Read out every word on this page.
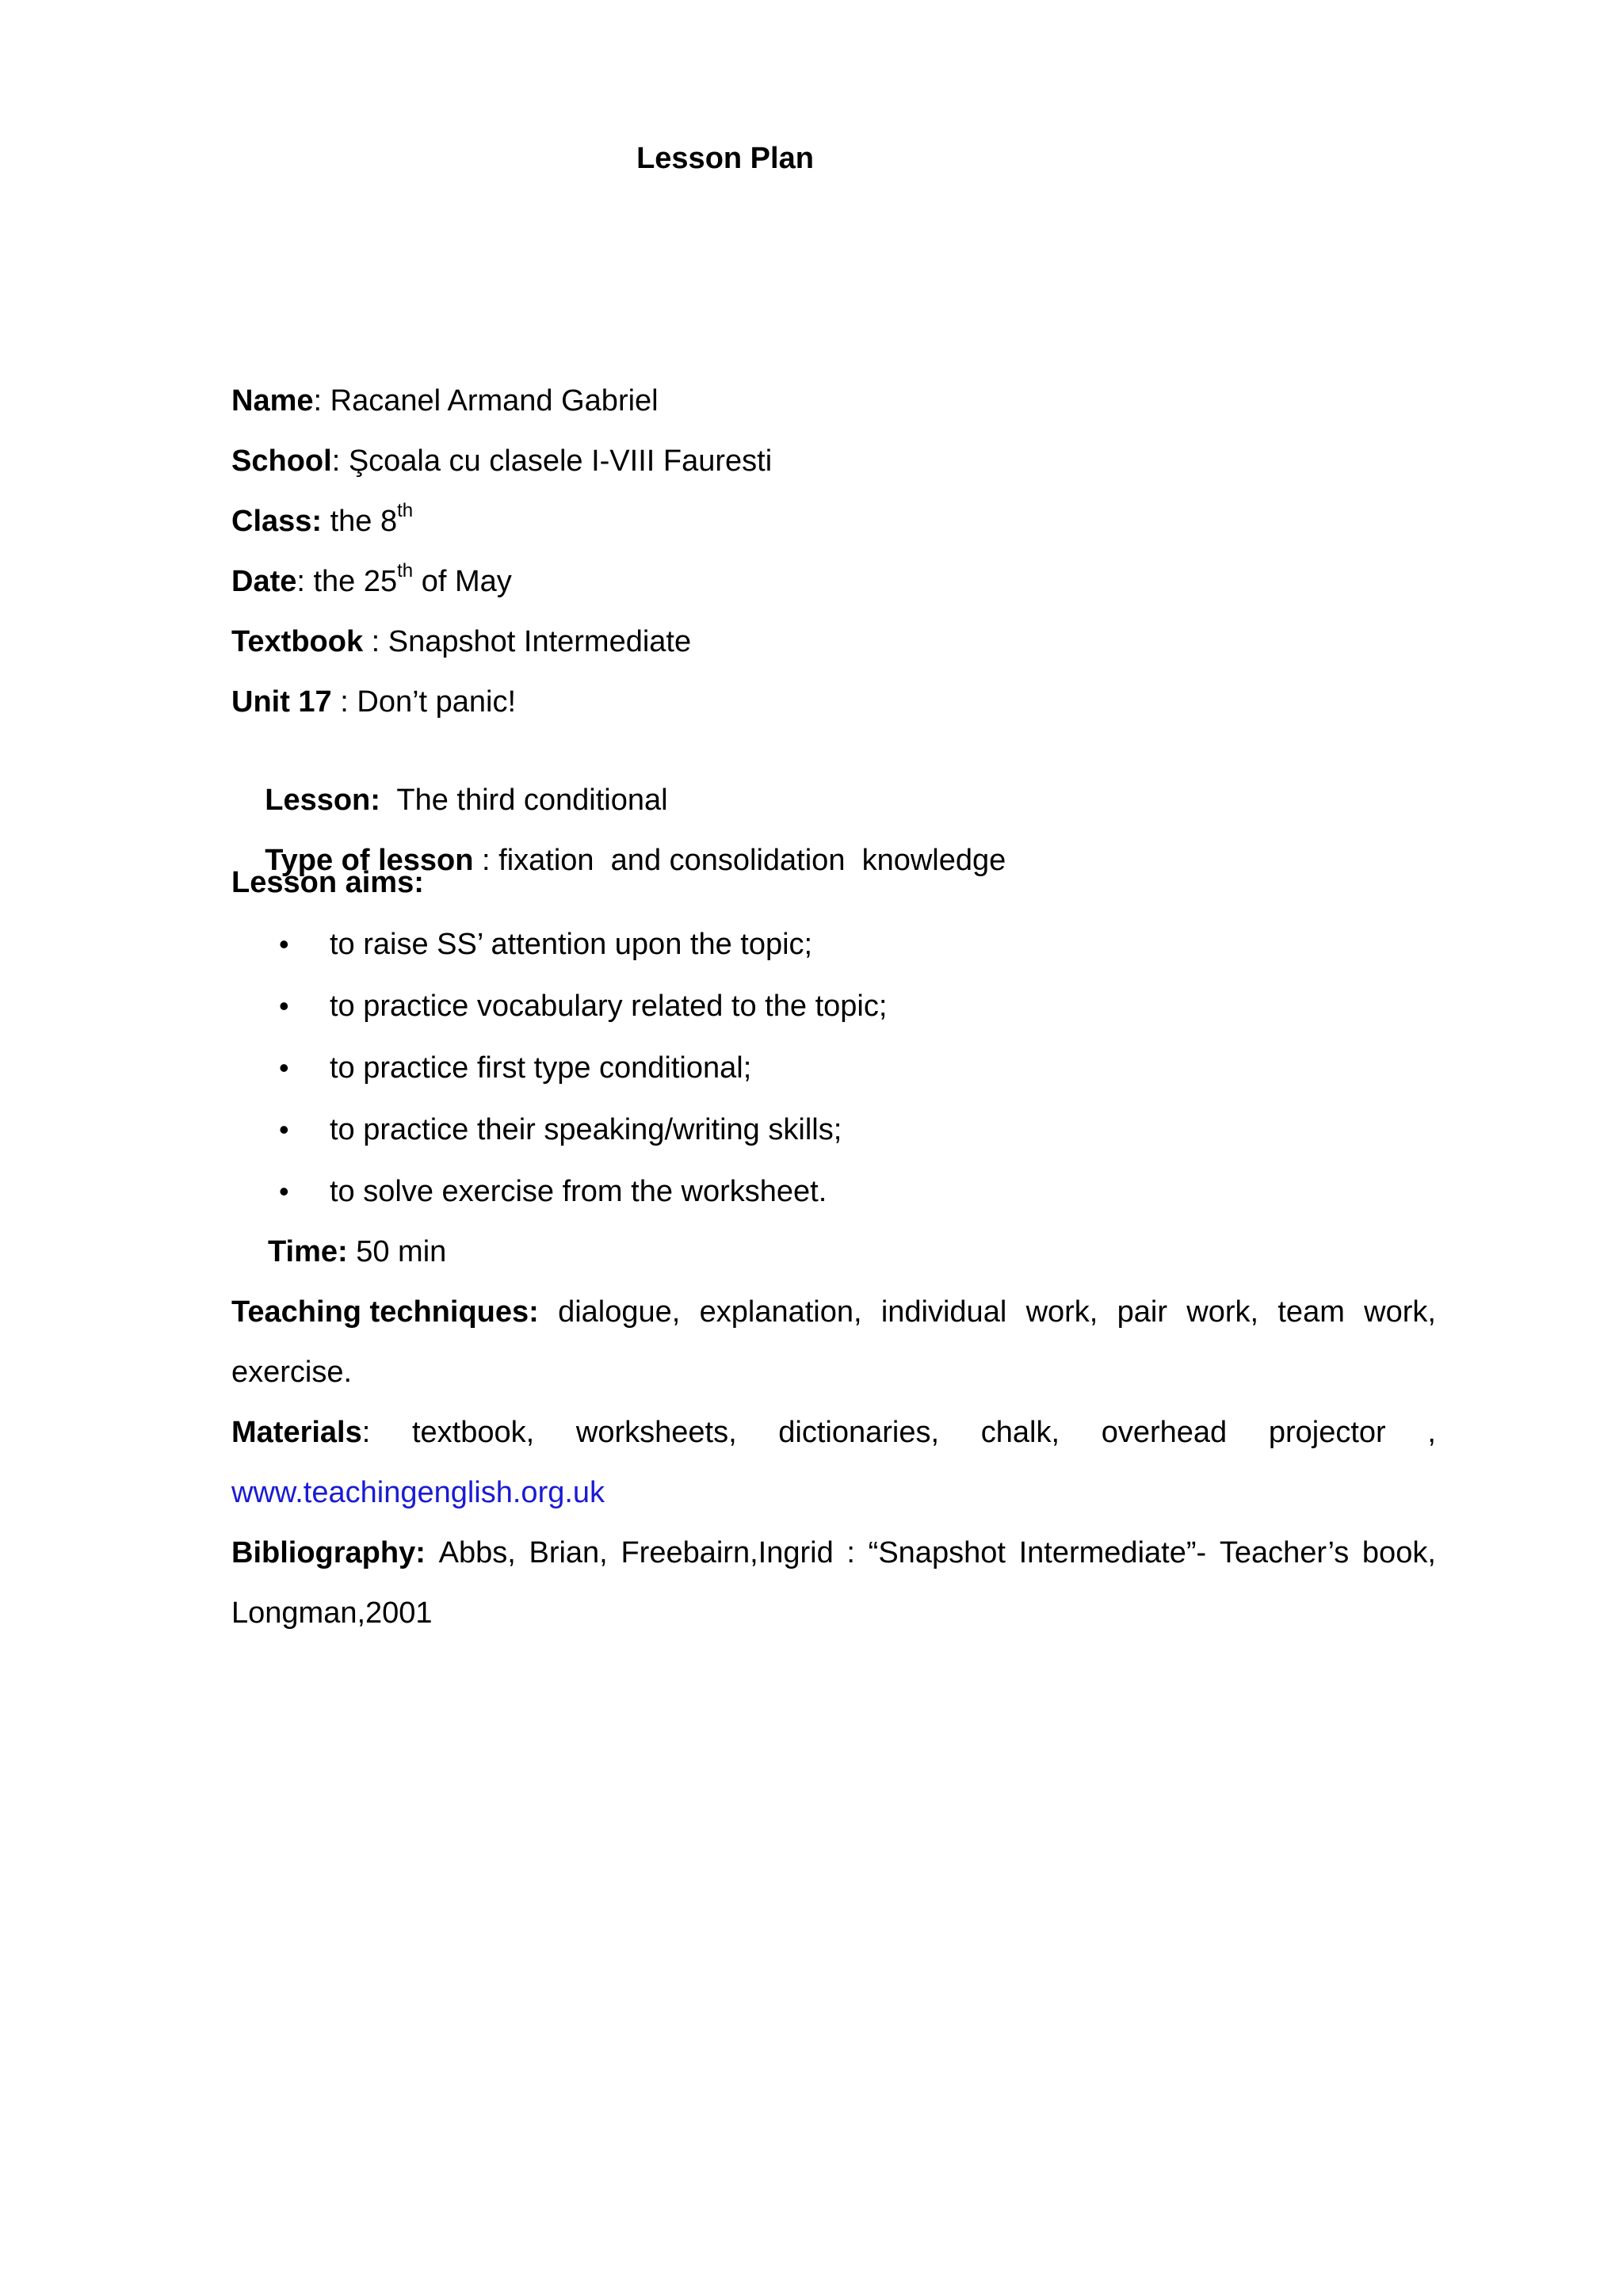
Lesson Plan
Name: Racanel Armand Gabriel
School: Şcoala cu clasele I-VIII Fauresti
Class: the 8th
Date: the 25th of May
Textbook : Snapshot Intermediate
Unit 17 : Don’t panic!

Lesson:  The third conditional

Type of lesson : fixation  and consolidation  knowledge

Lesson aims:
• to raise SS’ attention upon the topic;
• to practice vocabulary related to the topic;
• to practice first type conditional;
• to practice their speaking/writing skills;
• to solve exercise from the worksheet.
Time: 50 min
Teaching techniques: dialogue, explanation, individual work, pair work, team work,
exercise.
Materials: textbook, worksheets, dictionaries, chalk, overhead projector ,
www.teachingenglish.org.uk
Bibliography: Abbs, Brian, Freebairn,Ingrid : “Snapshot Intermediate”- Teacher’s book,
Longman,2001
